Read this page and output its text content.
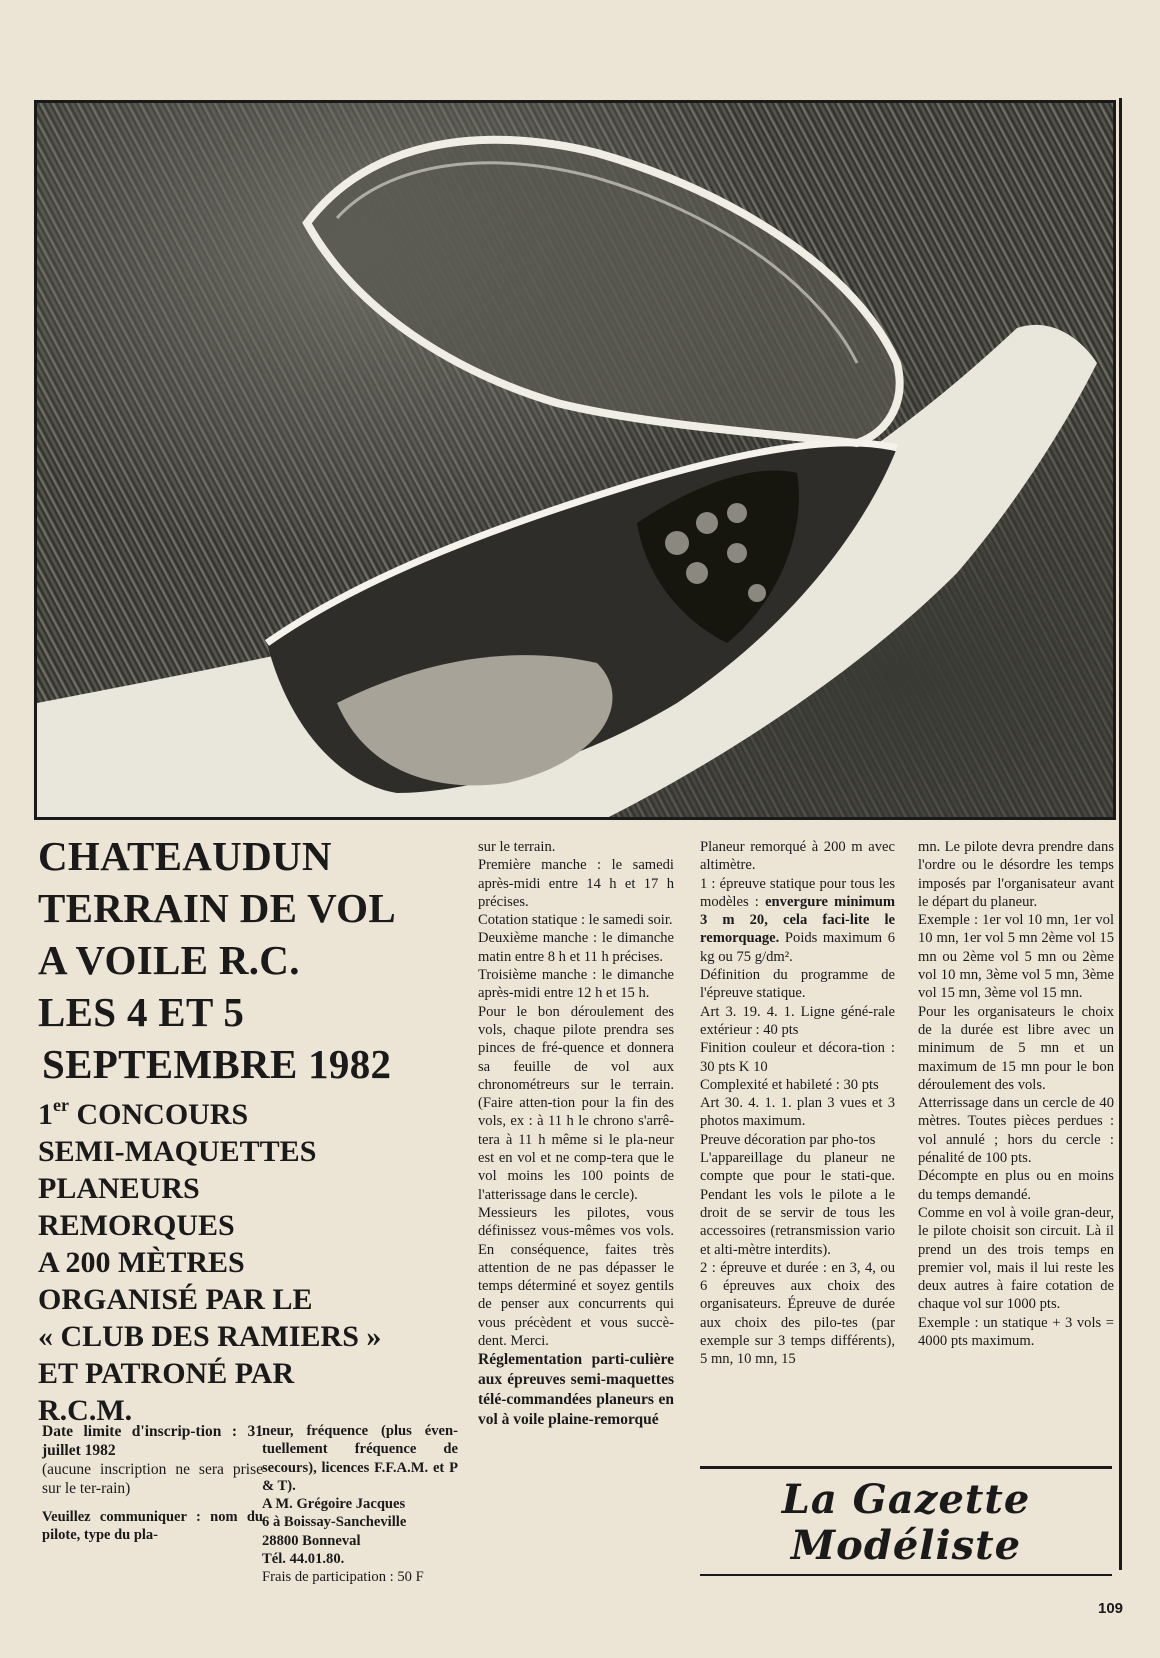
CHATEAUDUN
TERRAIN DE VOL
A VOILE R.C.
LES 4 ET 5
SEPTEMBRE 1982
1er CONCOURS
SEMI-MAQUETTES
PLANEURS
REMORQUES
A 200 MÈTRES
ORGANISÉ PAR LE
« CLUB DES RAMIERS »
ET PATRONÉ PAR
R.C.M.

Date limite d'inscrip-tion : 31 juillet 1982

(aucune inscription ne sera prise sur le ter-rain)

Veuillez communiquer : nom du pilote, type du pla-

neur, fréquence (plus éven-tuellement fréquence de secours), licences F.F.A.M. et P & T).

A M. Grégoire Jacques

6 à Boissay-Sancheville

28800 Bonneval

Tél. 44.01.80.

Frais de participation : 50 F

sur le terrain.

Première manche : le samedi après-midi entre 14 h et 17 h précises.

Cotation statique : le samedi soir.

Deuxième manche : le dimanche matin entre 8 h et 11 h précises.

Troisième manche : le dimanche après-midi entre 12 h et 15 h.

Pour le bon déroulement des vols, chaque pilote prendra ses pinces de fré-quence et donnera sa feuille de vol aux chronométreurs sur le terrain. (Faire atten-tion pour la fin des vols, ex : à 11 h le chrono s'arrê-tera à 11 h même si le pla-neur est en vol et ne comp-tera que le vol moins les 100 points de l'atterissage dans le cercle).

Messieurs les pilotes, vous définissez vous-mêmes vos vols. En conséquence, faites très attention de ne pas dépasser le temps déterminé et soyez gentils de penser aux concurrents qui vous précèdent et vous succè-dent. Merci.

Réglementation parti-culière aux épreuves semi-maquettes télé-commandées planeurs en vol à voile plaine-remorqué

Planeur remorqué à 200 m avec altimètre.

1 : épreuve statique pour tous les modèles : envergure minimum 3 m 20, cela faci-lite le remorquage. Poids maximum 6 kg ou 75 g/dm².

Définition du programme de l'épreuve statique.

Art 3. 19. 4. 1. Ligne géné-rale extérieur : 40 pts

Finition couleur et décora-tion : 30 pts K 10

Complexité et habileté : 30 pts

Art 30. 4. 1. 1. plan 3 vues et 3 photos maximum.

Preuve décoration par pho-tos

L'appareillage du planeur ne compte que pour le stati-que. Pendant les vols le pilote a le droit de se servir de tous les accessoires (retransmission vario et alti-mètre interdits).

2 : épreuve et durée : en 3, 4, ou 6 épreuves aux choix des organisateurs. Épreuve de durée aux choix des pilo-tes (par exemple sur 3 temps différents), 5 mn, 10 mn, 15

mn. Le pilote devra prendre dans l'ordre ou le désordre les temps imposés par l'organisateur avant le départ du planeur.

Exemple : 1er vol 10 mn, 1er vol 10 mn, 1er vol 5 mn 2ème vol 15 mn ou 2ème vol 5 mn ou 2ème vol 10 mn, 3ème vol 5 mn, 3ème vol 15 mn, 3ème vol 15 mn.

Pour les organisateurs le choix de la durée est libre avec un minimum de 5 mn et un maximum de 15 mn pour le bon déroulement des vols.

Atterrissage dans un cercle de 40 mètres. Toutes pièces perdues : vol annulé ; hors du cercle : pénalité de 100 pts.

Décompte en plus ou en moins du temps demandé.

Comme en vol à voile gran-deur, le pilote choisit son circuit. Là il prend un des trois temps en premier vol, mais il lui reste les deux autres à faire cotation de chaque vol sur 1000 pts.

Exemple : un statique + 3 vols = 4000 pts maximum.

La Gazette
Modéliste
109
